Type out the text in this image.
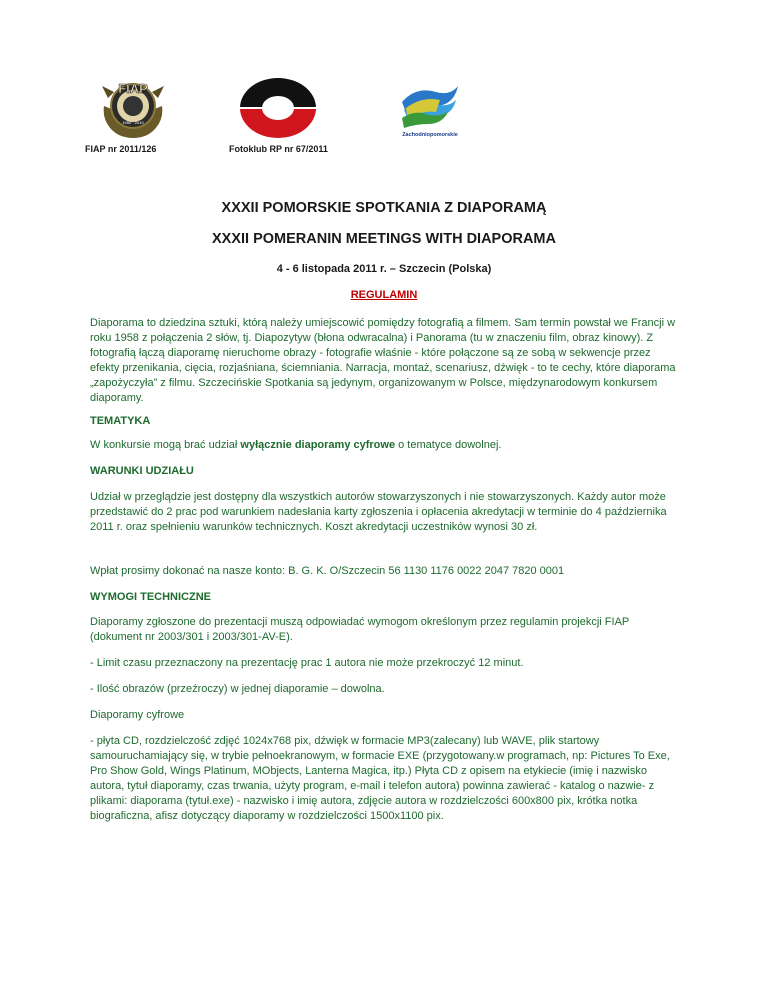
FIAP
1950 · 2010
Zachodniopomorskie
FIAP nr 2011/126	Fotoklub RP nr 67/2011
XXXII POMORSKIE SPOTKANIA Z DIAPORAMĄ
XXXII POMERANIN MEETINGS WITH DIAPORAMA
4 - 6 listopada 2011 r. – Szczecin (Polska)
REGULAMIN

Diaporama to dziedzina sztuki, którą należy umiejscowić pomiędzy fotografią a filmem. Sam termin powstał we Francji w roku 1958 z połączenia 2 słów, tj. Diapozytyw (błona odwracalna) i Panorama (tu w znaczeniu film, obraz kinowy). Z fotografią łączą diaporamę nieruchome obrazy - fotografie właśnie - które połączone są ze sobą w sekwencje przez efekty przenikania, cięcia, rozjaśniana, ściemniania. Narracja, montaż, scenariusz, dźwięk - to te cechy, które diaporama „zapożyczyła” z filmu. Szczecińskie Spotkania są jedynym, organizowanym w Polsce, międzynarodowym konkursem diaporamy.

TEMATYKA

W konkursie mogą brać udział wyłącznie diaporamy cyfrowe o tematyce dowolnej.

WARUNKI UDZIAŁU

Udział w przeglądzie jest dostępny dla wszystkich autorów stowarzyszonych i nie stowarzyszonych. Każdy autor może przedstawić do 2 prac pod warunkiem nadesłania karty zgłoszenia i opłacenia akredytacji w terminie do 4 października 2011 r. oraz spełnieniu warunków technicznych. Koszt akredytacji uczestników wynosi 30 zł.

Wpłat prosimy dokonać na nasze konto: B. G. K. O/Szczecin 56 1130 1176 0022 2047 7820 0001

WYMOGI TECHNICZNE

Diaporamy zgłoszone do prezentacji muszą odpowiadać wymogom określonym przez regulamin projekcji FIAP (dokument nr 2003/301 i 2003/301-AV-E).

- Limit czasu przeznaczony na prezentację prac 1 autora nie może przekroczyć 12 minut.

- Ilość obrazów (przeźroczy) w jednej diaporamie – dowolna.

Diaporamy cyfrowe

- płyta CD, rozdzielczość zdjęć 1024x768 pix, dźwięk w formacie MP3(zalecany) lub WAVE, plik startowy samouruchamiający się, w trybie pełnoekranowym, w formacie EXE (przygotowany.w programach, np: Pictures To Exe, Pro Show Gold, Wings Platinum, MObjects, Lanterna Magica, itp.) Płyta CD z opisem na etykiecie (imię i nazwisko autora, tytuł diaporamy, czas trwania, użyty program, e-mail i telefon autora) powinna zawierać - katalog o nazwie- z plikami: diaporama (tytuł.exe) - nazwisko i imię autora, zdjęcie autora w rozdzielczości 600x800 pix, krótka notka biograficzna, afisz dotyczący diaporamy w rozdzielczości 1500x1100 pix.
